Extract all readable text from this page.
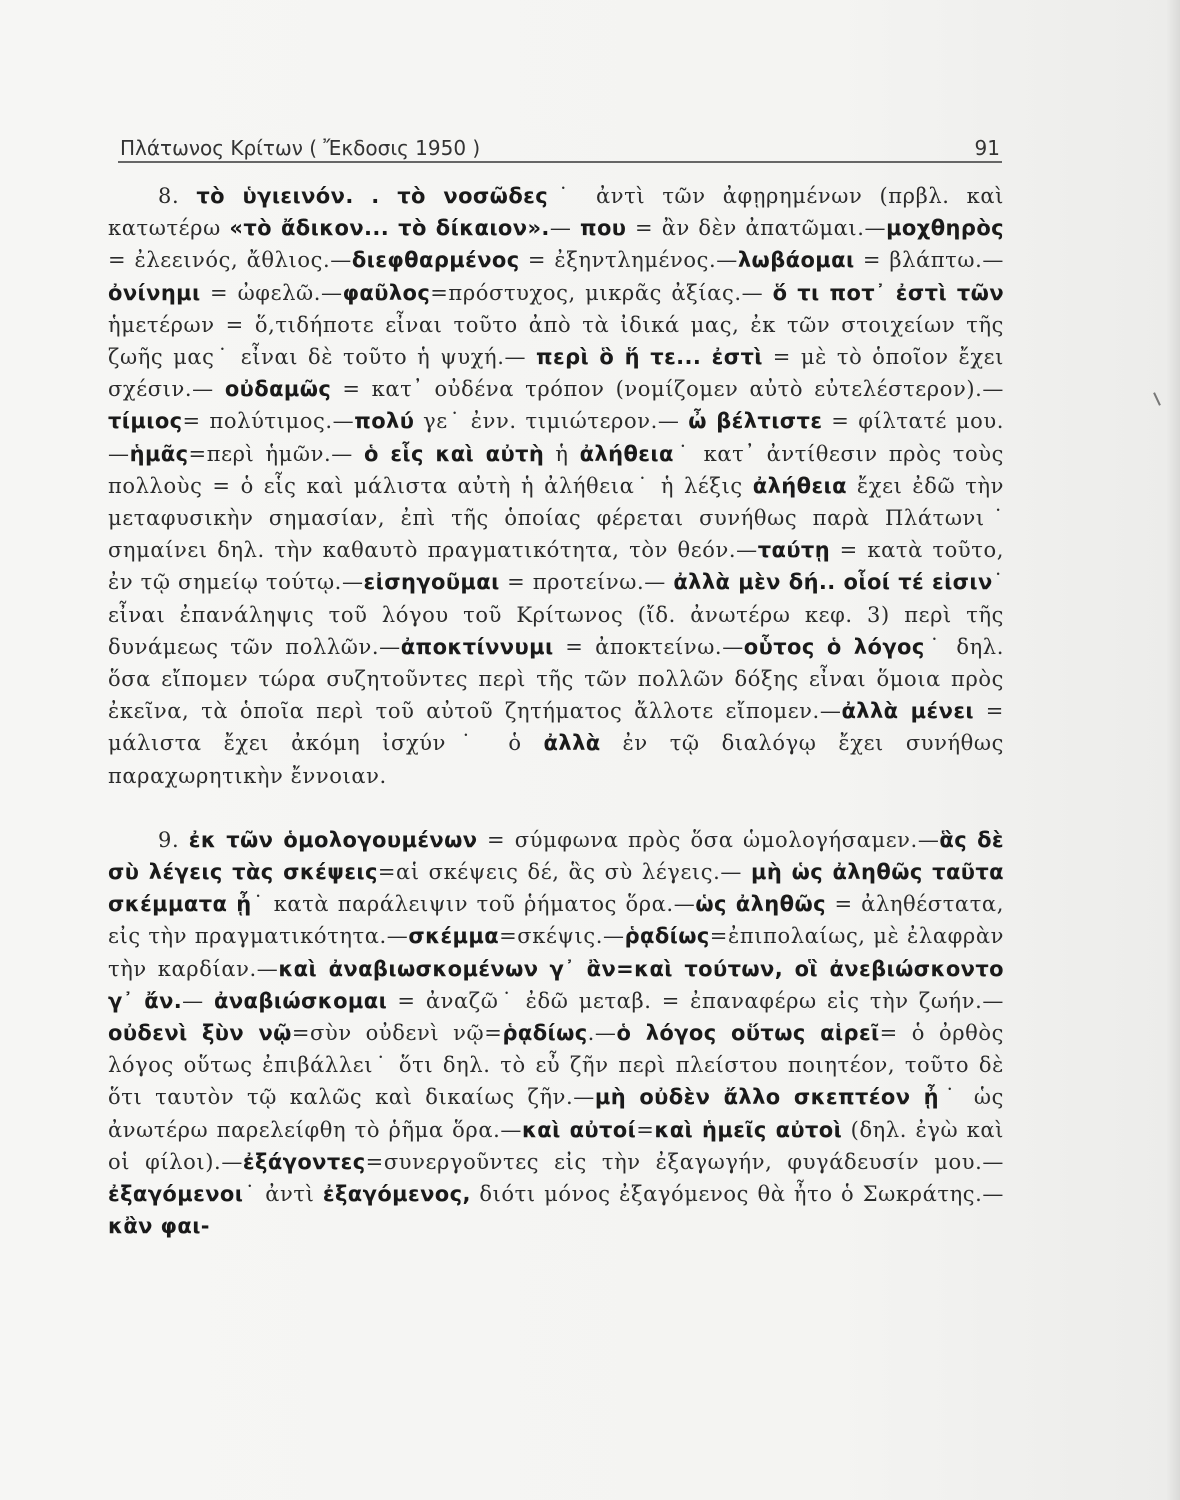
Πλάτωνος Κρίτων ( Ἔκδοσις 1950 )	91

8. τὸ ὑγιεινόν. . τὸ νοσῶδες˙ ἀντὶ τῶν ἀφῃρημένων (πρβλ. καὶ κατωτέρω «τὸ ἄδικον... τὸ δίκαιον».— που = ἂν δὲν ἀπατῶμαι.—μοχθηρὸς = ἐλεεινός, ἄθλιος.—διεφθαρμένος = ἐξηντλημένος.—λωβάομαι = βλάπτω.—ὀνίνημι = ὠφελῶ.—φαῦλος=πρόστυχος, μικρᾶς ἀξίας.— ὅ τι ποτ᾽ ἐστὶ τῶν ἡμετέρων = ὅ,τιδήποτε εἶναι τοῦτο ἀπὸ τὰ ἰδικά μας, ἐκ τῶν στοιχείων τῆς ζωῆς μας˙ εἶναι δὲ τοῦτο ἡ ψυχή.— περὶ ὃ ἥ τε... ἐστὶ = μὲ τὸ ὁποῖον ἔχει σχέσιν.— οὐδαμῶς = κατ᾽ οὐδένα τρόπον (νομίζομεν αὐτὸ εὐτελέστερον).—τίμιος= πολύτιμος.—πολύ γε˙ ἐνν. τιμιώτερον.— ὦ βέλτιστε = φίλτατέ μου.—ἡμᾶς=περὶ ἡμῶν.— ὁ εἷς καὶ αὐτὴ ἡ ἀλήθεια˙ κατ᾽ ἀντίθεσιν πρὸς τοὺς πολλοὺς = ὁ εἷς καὶ μάλιστα αὐτὴ ἡ ἀλήθεια˙ ἡ λέξις ἀλήθεια ἔχει ἐδῶ τὴν μεταφυσικὴν σημασίαν, ἐπὶ τῆς ὁποίας φέρεται συνήθως παρὰ Πλάτωνι˙ σημαίνει δηλ. τὴν καθαυτὸ πραγματικότητα, τὸν θεόν.—ταύτῃ = κατὰ τοῦτο, ἐν τῷ σημείῳ τούτῳ.—εἰσηγοῦμαι = προτείνω.— ἀλλὰ μὲν δή.. οἷοί τέ εἰσιν˙ εἶναι ἐπανάληψις τοῦ λόγου τοῦ Κρίτωνος (ἴδ. ἀνωτέρω κεφ. 3) περὶ τῆς δυνάμεως τῶν πολλῶν.—ἀποκτίννυμι = ἀποκτείνω.—οὗτος ὁ λόγος˙ δηλ. ὅσα εἴπομεν τώρα συζητοῦντες περὶ τῆς τῶν πολλῶν δόξης εἶναι ὅμοια πρὸς ἐκεῖνα, τὰ ὁποῖα περὶ τοῦ αὐτοῦ ζητήματος ἄλλοτε εἴπομεν.—ἀλλὰ μένει = μάλιστα ἔχει ἀκόμη ἰσχύν˙ ὁ ἀλλὰ ἐν τῷ διαλόγῳ ἔχει συνήθως παραχωρητικὴν ἔννοιαν.

9. ἐκ τῶν ὁμολογουμένων = σύμφωνα πρὸς ὅσα ὡμολογήσαμεν.—ἃς δὲ σὺ λέγεις τὰς σκέψεις=αἱ σκέψεις δέ, ἃς σὺ λέγεις.— μὴ ὡς ἀληθῶς ταῦτα σκέμματα ᾖ˙ κατὰ παράλειψιν τοῦ ῥήματος ὅρα.—ὡς ἀληθῶς = ἀληθέστατα, εἰς τὴν πραγματικότητα.—σκέμμα=σκέψις.—ῥᾳδίως=ἐπιπολαίως, μὲ ἐλαφρὰν τὴν καρδίαν.—καὶ ἀναβιωσκομένων γ᾽ ἂν=καὶ τούτων, οἳ ἀνεβιώσκοντο γ᾽ ἄν.— ἀναβιώσκομαι = ἀναζῶ˙ ἐδῶ μεταβ. = ἐπαναφέρω εἰς τὴν ζωήν.— οὐδενὶ ξὺν νῷ=σὺν οὐδενὶ νῷ=ῥᾳδίως.—ὁ λόγος οὕτως αἱρεῖ= ὁ ὀρθὸς λόγος οὕτως ἐπιβάλλει˙ ὅτι δηλ. τὸ εὖ ζῆν περὶ πλείστου ποιητέον, τοῦτο δὲ ὅτι ταυτὸν τῷ καλῶς καὶ δικαίως ζῆν.—μὴ οὐδὲν ἄλλο σκεπτέον ᾖ˙ ὡς ἀνωτέρω παρελείφθη τὸ ῥῆμα ὅρα.—καὶ αὐτοί=καὶ ἡμεῖς αὐτοὶ (δηλ. ἐγὼ καὶ οἱ φίλοι).—ἐξάγοντες=συνεργοῦντες εἰς τὴν ἐξαγωγήν, φυγάδευσίν μου.—ἐξαγόμενοι˙ ἀντὶ ἐξαγόμενος, διότι μόνος ἐξαγόμενος θὰ ἦτο ὁ Σωκράτης.— κἂν φαι-
